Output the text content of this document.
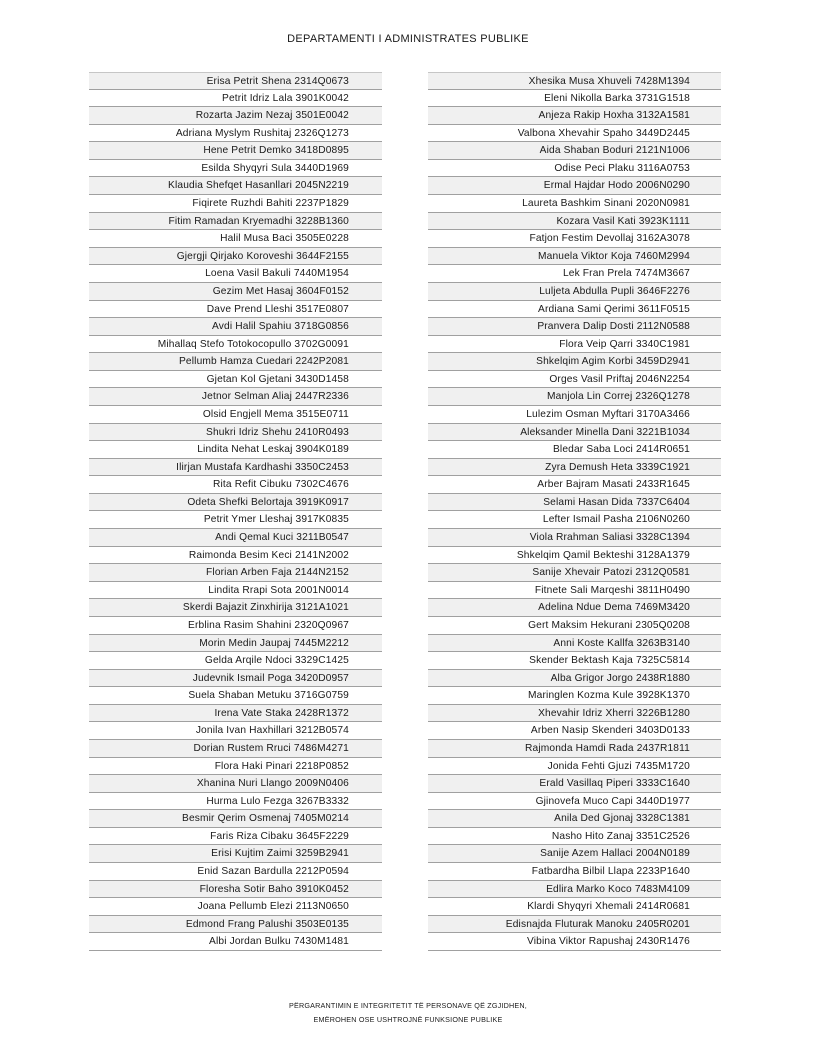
DEPARTAMENTI I ADMINISTRATES PUBLIKE
Erisa Petrit Shena 2314Q0673
Petrit Idriz Lala 3901K0042
Rozarta Jazim Nezaj 3501E0042
Adriana Myslym Rushitaj 2326Q1273
Hene Petrit Demko 3418D0895
Esilda Shyqyri Sula 3440D1969
Klaudia Shefqet Hasanllari 2045N2219
Fiqirete Ruzhdi Bahiti 2237P1829
Fitim Ramadan Kryemadhi 3228B1360
Halil Musa Baci 3505E0228
Gjergji Qirjako Koroveshi 3644F2155
Loena Vasil Bakuli 7440M1954
Gezim Met Hasaj 3604F0152
Dave Prend Lleshi 3517E0807
Avdi Halil Spahiu 3718G0856
Mihallaq Stefo Totokocopullo 3702G0091
Pellumb Hamza Cuedari 2242P2081
Gjetan Kol Gjetani 3430D1458
Jetnor Selman Aliaj 2447R2336
Olsid Engjell Mema 3515E0711
Shukri Idriz Shehu 2410R0493
Lindita Nehat Leskaj 3904K0189
Ilirjan Mustafa Kardhashi 3350C2453
Rita Refit Cibuku 7302C4676
Odeta Shefki Belortaja 3919K0917
Petrit Ymer Lleshaj 3917K0835
Andi Qemal Kuci 3211B0547
Raimonda Besim Keci 2141N2002
Florian Arben Faja 2144N2152
Lindita Rrapi Sota 2001N0014
Skerdi Bajazit Zinxhirija 3121A1021
Erblina Rasim Shahini 2320Q0967
Morin Medin Jaupaj 7445M2212
Gelda Arqile Ndoci 3329C1425
Judevnik Ismail Poga 3420D0957
Suela Shaban Metuku 3716G0759
Irena Vate Staka 2428R1372
Jonila Ivan Haxhillari 3212B0574
Dorian Rustem Rruci 7486M4271
Flora Haki Pinari 2218P0852
Xhanina Nuri Llango 2009N0406
Hurma Lulo Fezga 3267B3332
Besmir Qerim Osmenaj 7405M0214
Faris Riza Cibaku 3645F2229
Erisi Kujtim Zaimi 3259B2941
Enid Sazan Bardulla 2212P0594
Floresha Sotir Baho 3910K0452
Joana Pellumb Elezi 2113N0650
Edmond Frang Palushi 3503E0135
Albi Jordan Bulku 7430M1481
Xhesika Musa Xhuveli 7428M1394
Eleni Nikolla Barka 3731G1518
Anjeza Rakip Hoxha 3132A1581
Valbona Xhevahir Spaho 3449D2445
Aida Shaban Boduri 2121N1006
Odise Peci Plaku 3116A0753
Ermal Hajdar Hodo 2006N0290
Laureta Bashkim Sinani 2020N0981
Kozara Vasil Kati 3923K1111
Fatjon Festim Devollaj 3162A3078
Manuela Viktor Koja 7460M2994
Lek Fran Prela 7474M3667
Luljeta Abdulla Pupli 3646F2276
Ardiana Sami Qerimi 3611F0515
Pranvera Dalip Dosti 2112N0588
Flora Veip Qarri 3340C1981
Shkelqim Agim Korbi 3459D2941
Orges Vasil Priftaj 2046N2254
Manjola Lin Correj 2326Q1278
Lulezim Osman Myftari 3170A3466
Aleksander Minella Dani 3221B1034
Bledar Saba Loci 2414R0651
Zyra Demush Heta 3339C1921
Arber Bajram Masati 2433R1645
Selami Hasan Dida 7337C6404
Lefter Ismail Pasha 2106N0260
Viola Rrahman Saliasi 3328C1394
Shkelqim Qamil Bekteshi 3128A1379
Sanije Xhevair Patozi 2312Q0581
Fitnete Sali Marqeshi 3811H0490
Adelina Ndue Dema 7469M3420
Gert Maksim Hekurani 2305Q0208
Anni Koste Kallfa 3263B3140
Skender Bektash Kaja 7325C5814
Alba Grigor Jorgo 2438R1880
Maringlen Kozma Kule 3928K1370
Xhevahir Idriz Xherri 3226B1280
Arben Nasip Skenderi 3403D0133
Rajmonda Hamdi Rada 2437R1811
Jonida Fehti Gjuzi 7435M1720
Erald Vasillaq Piperi 3333C1640
Gjinovefa Muco Capi 3440D1977
Anila Ded Gjonaj 3328C1381
Nasho Hito Zanaj 3351C2526
Sanije Azem Hallaci 2004N0189
Fatbardha Bilbil Llapa 2233P1640
Edlira Marko Koco 7483M4109
Klardi Shyqyri Xhemali 2414R0681
Edisnajda Fluturak Manoku 2405R0201
Vibina Viktor Rapushaj 2430R1476
PËRGARANTIMIN E INTEGRITETIT TË PERSONAVE QË ZGJIDHEN,
EMËROHEN OSE USHTROJNË FUNKSIONE PUBLIKE
